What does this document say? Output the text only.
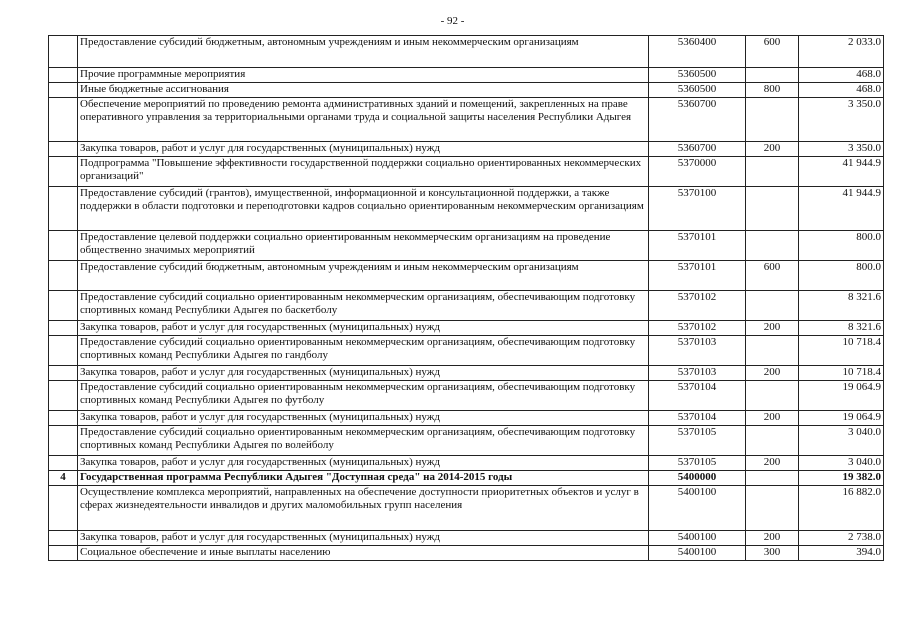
- 92 -
	Предоставление субсидий бюджетным, автономным учреждениям и иным некоммерческим организациям	5360400	600	2 033.0
	Прочие программные мероприятия	5360500		468.0
	Иные бюджетные ассигнования	5360500	800	468.0
	Обеспечение мероприятий по проведению ремонта административных зданий и помещений, закрепленных на праве оперативного управления за территориальными органами труда и социальной защиты населения Республики Адыгея	5360700		3 350.0
	Закупка товаров, работ и услуг для государственных (муниципальных) нужд	5360700	200	3 350.0
	Подпрограмма "Повышение эффективности государственной поддержки социально ориентированных некоммерческих организаций"	5370000		41 944.9
	Предоставление субсидий (грантов), имущественной, информационной и консультационной поддержки, а также поддержки в области подготовки и переподготовки кадров социально ориентированным некоммерческим организациям	5370100		41 944.9
	Предоставление целевой поддержки социально ориентированным некоммерческим организациям на проведение общественно значимых мероприятий	5370101		800.0
	Предоставление субсидий бюджетным, автономным учреждениям и иным некоммерческим организациям	5370101	600	800.0
	Предоставление субсидий социально ориентированным некоммерческим организациям, обеспечивающим подготовку спортивных команд Республики Адыгея по баскетболу	5370102		8 321.6
	Закупка товаров, работ и услуг для государственных (муниципальных) нужд	5370102	200	8 321.6
	Предоставление субсидий социально ориентированным некоммерческим организациям, обеспечивающим подготовку спортивных команд Республики Адыгея по гандболу	5370103		10 718.4
	Закупка товаров, работ и услуг для государственных (муниципальных) нужд	5370103	200	10 718.4
	Предоставление субсидий социально ориентированным некоммерческим организациям, обеспечивающим подготовку спортивных команд Республики Адыгея по футболу	5370104		19 064.9
	Закупка товаров, работ и услуг для государственных (муниципальных) нужд	5370104	200	19 064.9
	Предоставление субсидий социально ориентированным некоммерческим организациям, обеспечивающим подготовку спортивных команд Республики Адыгея по волейболу	5370105		3 040.0
	Закупка товаров, работ и услуг для государственных (муниципальных) нужд	5370105	200	3 040.0
4	Государственная программа Республики Адыгея "Доступная среда" на 2014-2015 годы	5400000		19 382.0
	Осуществление комплекса мероприятий, направленных на обеспечение доступности приоритетных объектов и услуг в сферах жизнедеятельности инвалидов и других маломобильных групп населения	5400100		16 882.0
	Закупка товаров, работ и услуг для государственных (муниципальных) нужд	5400100	200	2 738.0
	Социальное обеспечение и иные выплаты населению	5400100	300	394.0
